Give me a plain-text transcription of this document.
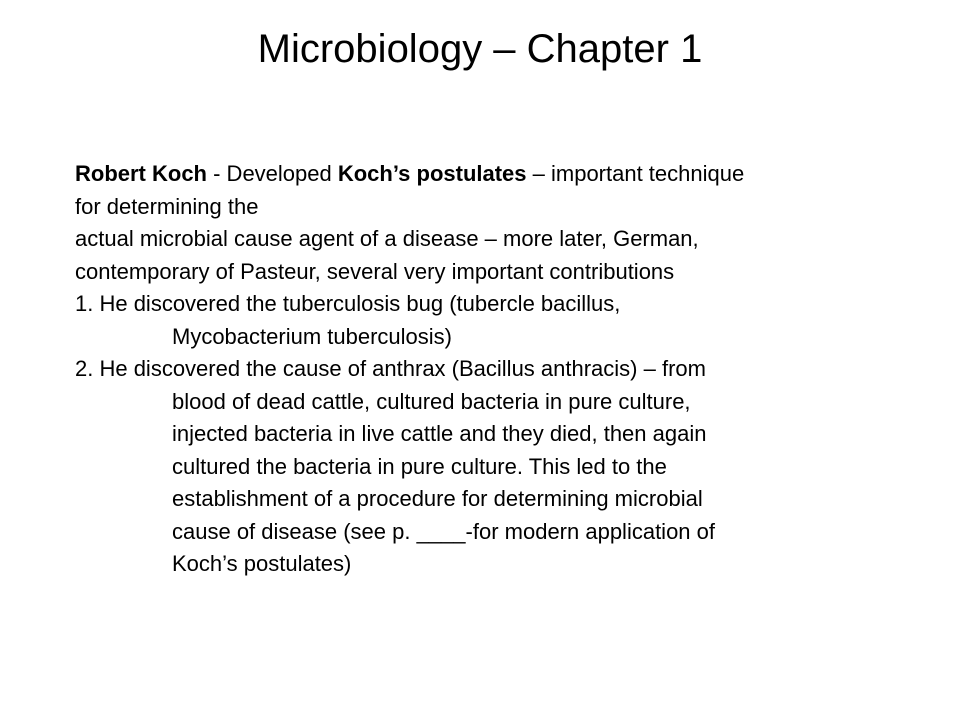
Microbiology – Chapter 1
Robert Koch - Developed Koch’s postulates – important technique
for determining the
actual microbial cause agent of a disease – more later, German,
contemporary of Pasteur, several very important contributions
1. He discovered the tuberculosis bug (tubercle bacillus,
Mycobacterium tuberculosis)
2. He discovered the cause of anthrax (Bacillus anthracis) – from
blood of dead cattle, cultured bacteria in pure culture,
injected bacteria in live cattle and they died, then again
cultured the bacteria in pure culture. This led to the
establishment of a procedure for determining microbial
cause of disease (see p. ____-for modern application of
Koch’s postulates)
